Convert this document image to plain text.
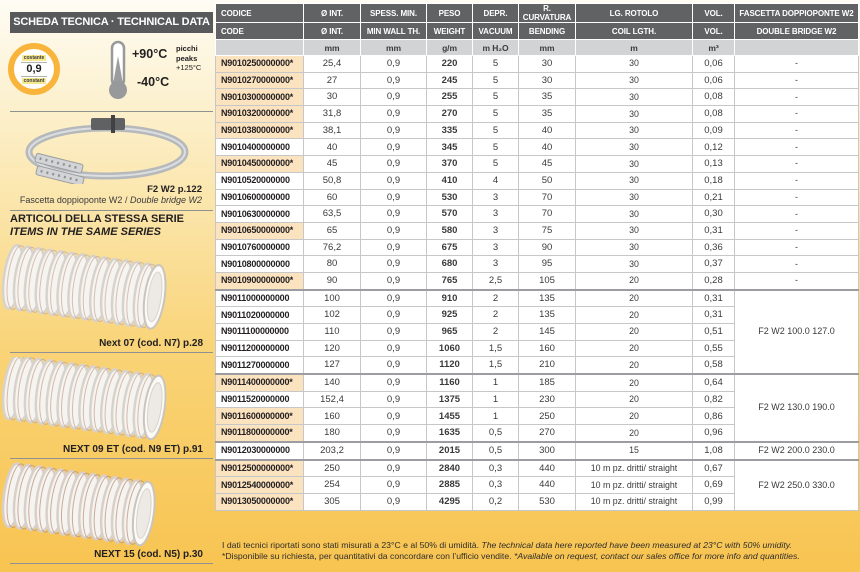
SCHEDA TECNICA · TECHNICAL DATA
costante
0,9
constant
+90°C picchi
peaks
+125°C
-40°C
F2 W2 p.122
Fascetta doppioponte W2 / Double bridge W2
ARTICOLI DELLA STESSA SERIE
ITEMS IN THE SAME SERIES
Next 07 (cod. N7) p.28
NEXT 09 ET (cod. N9 ET) p.91
NEXT 15 (cod. N5) p.30
CODICE	Ø INT.	SPESS. MIN.	PESO	DEPR.	R. CURVATURA	LG. ROTOLO	VOL.	FASCETTA DOPPIOPONTE W2
CODE	Ø INT.	MIN WALL TH.	WEIGHT	VACUUM	BENDING	COIL LGTH.	VOL.	DOUBLE BRIDGE W2
	mm	mm	g/m	m H₂O	mm	m	m³	
N9010250000000*	25,4	0,9	220	5	30	30	0,06	-
N9010270000000*	27	0,9	245	5	30	30	0,06	-
N9010300000000*	30	0,9	255	5	35	30	0,08	-
N9010320000000*	31,8	0,9	270	5	35	30	0,08	-
N9010380000000*	38,1	0,9	335	5	40	30	0,09	-
N9010400000000	40	0,9	345	5	40	30	0,12	-
N9010450000000*	45	0,9	370	5	45	30	0,13	-
N9010520000000	50,8	0,9	410	4	50	30	0,18	-
N9010600000000	60	0,9	530	3	70	30	0,21	-
N9010630000000	63,5	0,9	570	3	70	30	0,30	-
N9010650000000*	65	0,9	580	3	75	30	0,31	-
N9010760000000	76,2	0,9	675	3	90	30	0,36	-
N9010800000000	80	0,9	680	3	95	30	0,37	-
N9010900000000*	90	0,9	765	2,5	105	20	0,28	-
N9011000000000	100	0,9	910	2	135	20	0,31	F2 W2 100.0 127.0
N9011020000000	102	0,9	925	2	135	20	0,31	
N9011100000000	110	0,9	965	2	145	20	0,51	
N9011200000000	120	0,9	1060	1,5	160	20	0,55	
N9011270000000	127	0,9	1120	1,5	210	20	0,58	
N9011400000000*	140	0,9	1160	1	185	20	0,64	F2 W2 130.0 190.0
N9011520000000	152,4	0,9	1375	1	230	20	0,82	
N9011600000000*	160	0,9	1455	1	250	20	0,86	
N9011800000000*	180	0,9	1635	0,5	270	20	0,96	
N9012030000000	203,2	0,9	2015	0,5	300	15	1,08	F2 W2 200.0 230.0
N9012500000000*	250	0,9	2840	0,3	440	10 m pz. dritti/ straight	0,67	F2 W2 250.0 330.0
N9012540000000*	254	0,9	2885	0,3	440	10 m pz. dritti/ straight	0,69	
N9013050000000*	305	0,9	4295	0,2	530	10 m pz. dritti/ straight	0,99	
I dati tecnici riportati sono stati misurati a 23°C e al 50% di umidità. The technical data here reported have been measured at 23°C with 50% umidity.
*Disponibile su richiesta, per quantitativi da concordare con l’ufficio vendite. *Available on request, contact our sales office for more info and quantities.
